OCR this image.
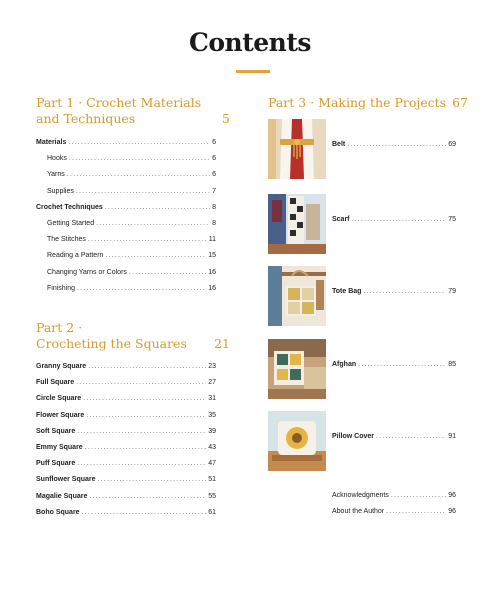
Contents
Part 1 · Crochet Materials
and Techniques	5
Materials .....	6
Hooks .....	6
Yarns .....	6
Supplies .....	7
Crochet Techniques .....	8
Getting Started .....	8
The Stitches .....	11
Reading a Pattern .....	15
Changing Yarns or Colors .....	16
Finishing .....	16
Part 2 ·
Crocheting the Squares	21
Granny Square .....	23
Full Square .....	27
Circle Square .....	31
Flower Square .....	35
Soft Square .....	39
Emmy Square .....	43
Puff Square .....	47
Sunflower Square .....	51
Magalie Square .....	55
Boho Square .....	61
Part 3 · Making the Projects 67
Belt .....	69
Scarf .....	75
Tote Bag .....	79
Afghan .....	85
Pillow Cover .....	91
Acknowledgments .....	96
About the Author .....	96
